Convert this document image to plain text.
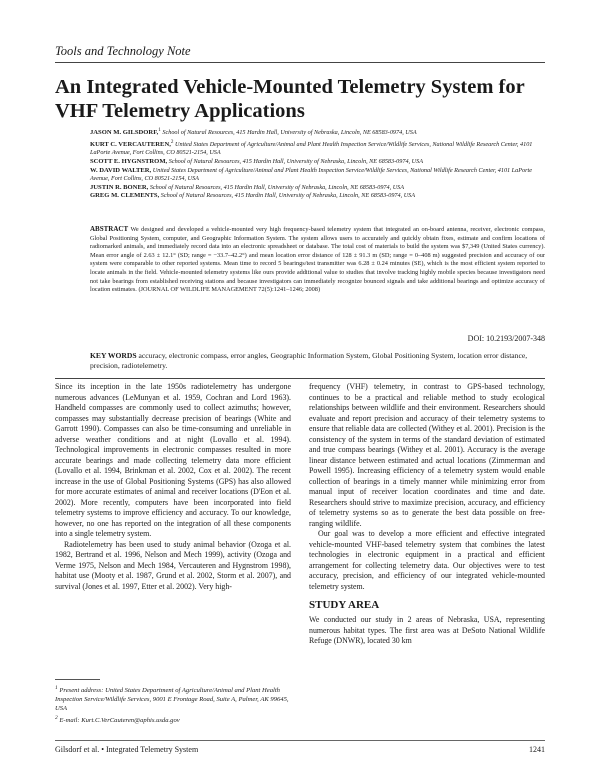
Tools and Technology Note
An Integrated Vehicle-Mounted Telemetry System for VHF Telemetry Applications

JASON M. GILSDORF,$^1$ School of Natural Resources, 415 Hardin Hall, University of Nebraska, Lincoln, NE 68583-0974, USA

KURT C. VERCAUTEREN,$^2$ United States Department of Agriculture/Animal and Plant Health Inspection Service/Wildlife Services, National Wildlife Research Center, 4101 LaPorte Avenue, Fort Collins, CO 80521-2154, USA

SCOTT E. HYGNSTROM, School of Natural Resources, 415 Hardin Hall, University of Nebraska, Lincoln, NE 68583-0974, USA

W. DAVID WALTER, United States Department of Agriculture/Animal and Plant Health Inspection Service/Wildlife Services, National Wildlife Research Center, 4101 LaPorte Avenue, Fort Collins, CO 80521-2154, USA

JUSTIN R. BONER, School of Natural Resources, 415 Hardin Hall, University of Nebraska, Lincoln, NE 68583-0974, USA

GREG M. CLEMENTS, School of Natural Resources, 415 Hardin Hall, University of Nebraska, Lincoln, NE 68583-0974, USA

ABSTRACT We designed and developed a vehicle-mounted very high frequency-based telemetry system that integrated an on-board antenna, receiver, electronic compass, Global Positioning System, computer, and Geographic Information System. The system allows users to accurately and quickly obtain fixes, estimate and confirm locations of radiomarked animals, and immediately record data into an electronic spreadsheet or database. The total cost of materials to build the system was $7,349 (United States currency). Mean error angle of 2.63 ± 12.1° (SD; range = −33.7–42.2°) and mean location error distance of 128 ± 91.3 m (SD; range = 0–408 m) suggested precision and accuracy of our system were comparable to other reported systems. Mean time to record 5 bearings/test transmitter was 6.28 ± 0.24 minutes (SE), which is the most efficient system reported to locate animals in the field. Vehicle-mounted telemetry systems like ours provide additional value to studies that involve tracking highly mobile species because investigators need not take bearings from established receiving stations and because investigators can immediately recognize bounced signals and take additional bearings and optimize accuracy of location estimates. (JOURNAL OF WILDLIFE MANAGEMENT 72(5):1241–1246; 2008)

DOI: 10.2193/2007-348

KEY WORDS accuracy, electronic compass, error angles, Geographic Information System, Global Positioning System, location error distance, precision, radiotelemetry.

Since its inception in the late 1950s radiotelemetry has undergone numerous advances (LeMunyan et al. 1959, Cochran and Lord 1963). Handheld compasses are commonly used to collect azimuths; however, compasses may substantially decrease precision of bearings (White and Garrott 1990). Compasses can also be time-consuming and unreliable in adverse weather conditions and at night (Lovallo et al. 1994). Technological improvements in electronic compasses resulted in more accurate bearings and made collecting telemetry data more efficient (Lovallo et al. 1994, Brinkman et al. 2002, Cox et al. 2002). The recent increase in the use of Global Positioning Systems (GPS) has also allowed for more accurate estimates of animal and receiver locations (D'Eon et al. 2002). More recently, computers have been incorporated into field telemetry systems to improve efficiency and accuracy. To our knowledge, however, no one has reported on the integration of all these components into a single telemetry system.

Radiotelemetry has been used to study animal behavior (Ozoga et al. 1982, Bertrand et al. 1996, Nelson and Mech 1999), activity (Ozoga and Verme 1975, Nelson and Mech 1984, Vercauteren and Hygnstrom 1998), habitat use (Mooty et al. 1987, Grund et al. 2002, Storm et al. 2007), and survival (Jones et al. 1997, Etter et al. 2002). Very high-

frequency (VHF) telemetry, in contrast to GPS-based technology, continues to be a practical and reliable method to study ecological relationships between wildlife and their environment. Researchers should evaluate and report precision and accuracy of their telemetry systems to ensure that reliable data are collected (Withey et al. 2001). Precision is the consistency of the system in terms of the standard deviation of estimated and true compass bearings (Withey et al. 2001). Accuracy is the average linear distance between estimated and actual locations (Zimmerman and Powell 1995). Increasing efficiency of a telemetry system would enable collection of bearings in a timely manner while minimizing error from manual input of receiver location coordinates and time and date. Researchers should strive to maximize precision, accuracy, and efficiency of telemetry systems so as to generate the best data possible on free-ranging wildlife.

Our goal was to develop a more efficient and effective integrated vehicle-mounted VHF-based telemetry system that combines the latest technologies in electronic equipment in a practical and efficient arrangement for collecting telemetry data. Our objectives were to test accuracy, precision, and efficiency of our integrated vehicle-mounted telemetry system.

STUDY AREA

We conducted our study in 2 areas of Nebraska, USA, representing numerous habitat types. The first area was at DeSoto National Wildlife Refuge (DNWR), located 30 km

$^1$ Present address: United States Department of Agriculture/Animal and Plant Health Inspection Service/Wildlife Services, 9001 E Frontage Road, Suite A, Palmer, AK 99645, USA

$^2$ E-mail: Kurt.C.VerCauteren@aphis.usda.gov

Gilsdorf et al. • Integrated Telemetry System	1241
